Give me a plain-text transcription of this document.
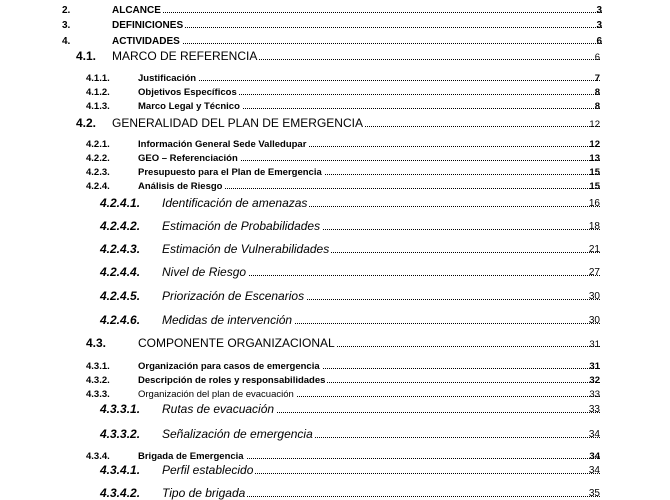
2.	ALCANCE	3
3.	DEFINICIONES	3
4.	ACTIVIDADES	6
4.1. MARCO DE REFERENCIA	6
4.1.1.	Justificación	7
4.1.2.	Objetivos Específicos	8
4.1.3.	Marco Legal y Técnico	8
4.2. GENERALIDAD DEL PLAN DE EMERGENCIA	12
4.2.1.	Información General Sede Valledupar	12
4.2.2.	GEO – Referenciación	13
4.2.3.	Presupuesto para el Plan de Emergencia	15
4.2.4.	Análisis de Riesgo	15
4.2.4.1. Identificación de amenazas	16
4.2.4.2. Estimación de Probabilidades	18
4.2.4.3. Estimación de Vulnerabilidades	21
4.2.4.4. Nivel de Riesgo	27
4.2.4.5. Priorización de Escenarios	30
4.2.4.6. Medidas de intervención	30
4.3.	COMPONENTE ORGANIZACIONAL	31
4.3.1.	Organización para casos de emergencia	31
4.3.2.	Descripción de roles y responsabilidades	32
4.3.3.	Organización del plan de evacuación	33
4.3.3.1. Rutas de evacuación	33
4.3.3.2. Señalización de emergencia	34
4.3.4.	Brigada de Emergencia	34
4.3.4.1. Perfil establecido	34
4.3.4.2. Tipo de brigada	35
